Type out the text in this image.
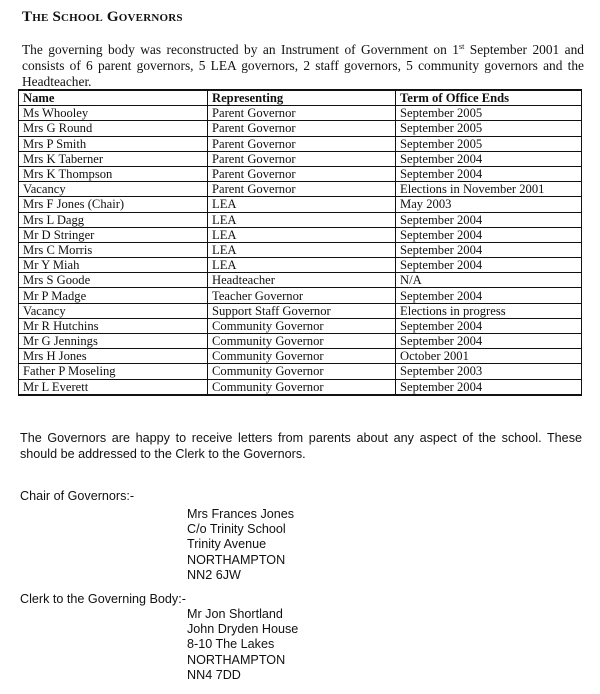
The School Governors
The governing body was reconstructed by an Instrument of Government on 1st September 2001 and consists of 6 parent governors, 5 LEA governors, 2 staff governors, 5 community governors and the Headteacher.
Name	Representing	Term of Office Ends
Ms Whooley	Parent Governor	September 2005
Mrs G Round	Parent Governor	September 2005
Mrs P Smith	Parent Governor	September 2005
Mrs K Taberner	Parent Governor	September 2004
Mrs K Thompson	Parent Governor	September 2004
Vacancy	Parent Governor	Elections in November 2001
Mrs F Jones (Chair)	LEA	May 2003
Mrs L Dagg	LEA	September 2004
Mr D Stringer	LEA	September 2004
Mrs C Morris	LEA	September 2004
Mr Y Miah	LEA	September 2004
Mrs S Goode	Headteacher	N/A
Mr P Madge	Teacher Governor	September 2004
Vacancy	Support Staff Governor	Elections in progress
Mr R Hutchins	Community Governor	September 2004
Mr G Jennings	Community Governor	September 2004
Mrs H Jones	Community Governor	October 2001
Father P Moseling	Community Governor	September 2003
Mr L Everett	Community Governor	September 2004
The Governors are happy to receive letters from parents about any aspect of the school. These should be addressed to the Clerk to the Governors.
Chair of Governors:-
Mrs Frances Jones
C/o Trinity School
Trinity Avenue
NORTHAMPTON
NN2 6JW
Clerk to the Governing Body:-
Mr Jon Shortland
John Dryden House
8-10 The Lakes
NORTHAMPTON
NN4 7DD
